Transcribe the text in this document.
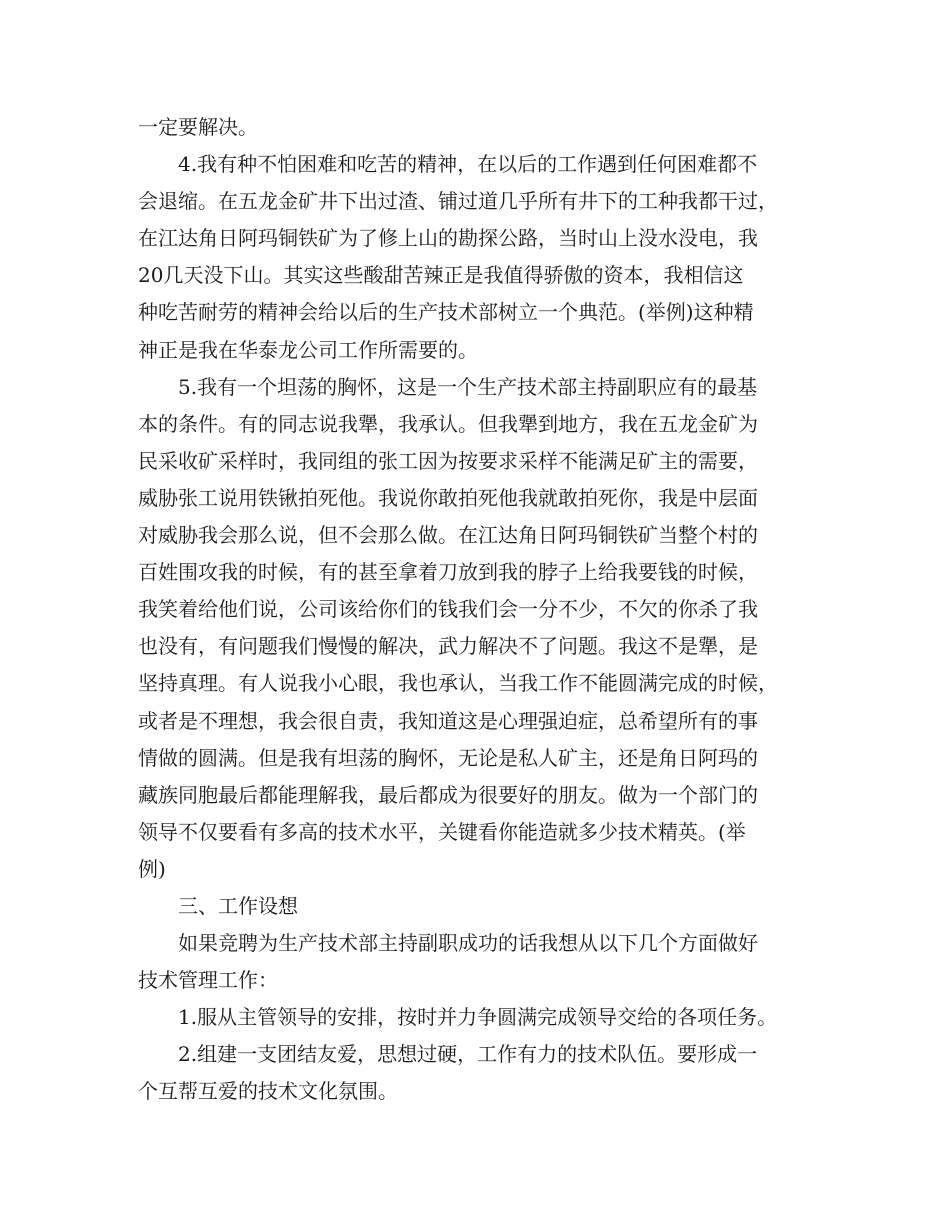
一定要解决。
4.我有种不怕困难和吃苦的精神，在以后的工作遇到任何困难都不
会退缩。在五龙金矿井下出过渣、铺过道几乎所有井下的工种我都干过，
在江达角日阿玛铜铁矿为了修上山的勘探公路，当时山上没水没电，我
20几天没下山。其实这些酸甜苦辣正是我值得骄傲的资本，我相信这
种吃苦耐劳的精神会给以后的生产技术部树立一个典范。(举例)这种精
神正是我在华泰龙公司工作所需要的。
5.我有一个坦荡的胸怀，这是一个生产技术部主持副职应有的最基
本的条件。有的同志说我犟，我承认。但我犟到地方，我在五龙金矿为
民采收矿采样时，我同组的张工因为按要求采样不能满足矿主的需要，
威胁张工说用铁锹拍死他。我说你敢拍死他我就敢拍死你，我是中层面
对威胁我会那么说，但不会那么做。在江达角日阿玛铜铁矿当整个村的
百姓围攻我的时候，有的甚至拿着刀放到我的脖子上给我要钱的时候，
我笑着给他们说，公司该给你们的钱我们会一分不少，不欠的你杀了我
也没有，有问题我们慢慢的解决，武力解决不了问题。我这不是犟，是
坚持真理。有人说我小心眼，我也承认，当我工作不能圆满完成的时候，
或者是不理想，我会很自责，我知道这是心理强迫症，总希望所有的事
情做的圆满。但是我有坦荡的胸怀，无论是私人矿主，还是角日阿玛的
藏族同胞最后都能理解我，最后都成为很要好的朋友。做为一个部门的
领导不仅要看有多高的技术水平，关键看你能造就多少技术精英。(举
例)
三、工作设想
如果竞聘为生产技术部主持副职成功的话我想从以下几个方面做好
技术管理工作：
1.服从主管领导的安排，按时并力争圆满完成领导交给的各项任务。
2.组建一支团结友爱，思想过硬，工作有力的技术队伍。要形成一
个互帮互爱的技术文化氛围。
